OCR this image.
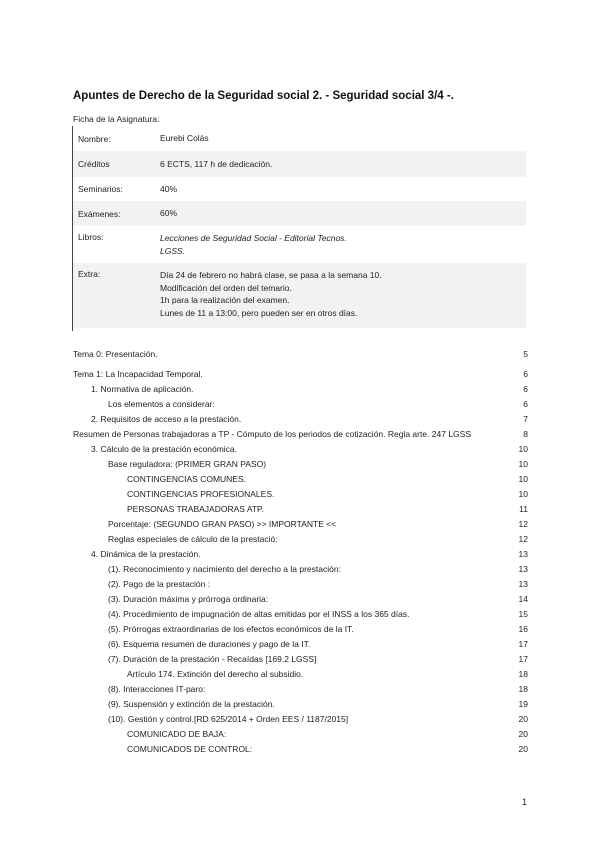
Apuntes de Derecho de la Seguridad social 2. - Seguridad social 3/4 -.
Ficha de la Asignatura:
Nombre:	Eurebi Colás
Créditos	6 ECTS, 117 h de dedicación.
Seminarios:	40%
Exámenes:	60%
Libros:	Lecciones de Seguridad Social - Editorial Tecnos.
LGSS.
Extra:	Día 24 de febrero no habrá clase, se pasa a la semana 10.
Modificación del orden del temario.
1h para la realización del examen.
Lunes de 11 a 13:00, pero pueden ser en otros días.
Tema 0: Presentación.	5
Tema 1: La Incapacidad Temporal.	6
1. Normativa de aplicación.	6
Los elementos a considerar:	6
2. Requisitos de acceso a la prestación.	7
Resumen de Personas trabajadoras a TP - Cómputo de los periodos de cotización. Regla arte. 247 LGSS	8
3. Cálculo de la prestación económica.	10
Base reguladora: (PRIMER GRAN PASO)	10
CONTINGENCIAS COMUNES.	10
CONTINGENCIAS PROFESIONALES.	10
PERSONAS TRABAJADORAS ATP.	11
Porcentaje: (SEGUNDO GRAN PASO) >> IMPORTANTE <<	12
Reglas especiales de cálculo de la prestació:	12
4. Dinámica de la prestación.	13
(1). Reconocimiento y nacimiento del derecho a la prestación:	13
(2). Pago de la prestación :	13
(3). Duración máxima y prórroga ordinaria:	14
(4). Procedimiento de impugnación de altas emitidas por el INSS a los 365 días.	15
(5). Prórrogas extraordinarias de los efectos económicos de la IT.	16
(6). Esquema resumen de duraciones y pago de la IT.	17
(7). Duración de la prestación - Recaídas [169.2 LGSS]	17
Artículo 174. Extinción del derecho al subsidio.	18
(8). Interacciones IT-paro:	18
(9). Suspensión y extinción de la prestación.	19
(10). Gestión y control.[RD 625/2014 + Orden EES / 1187/2015]	20
COMUNICADO DE BAJA:	20
COMUNICADOS DE CONTROL:	20
1
